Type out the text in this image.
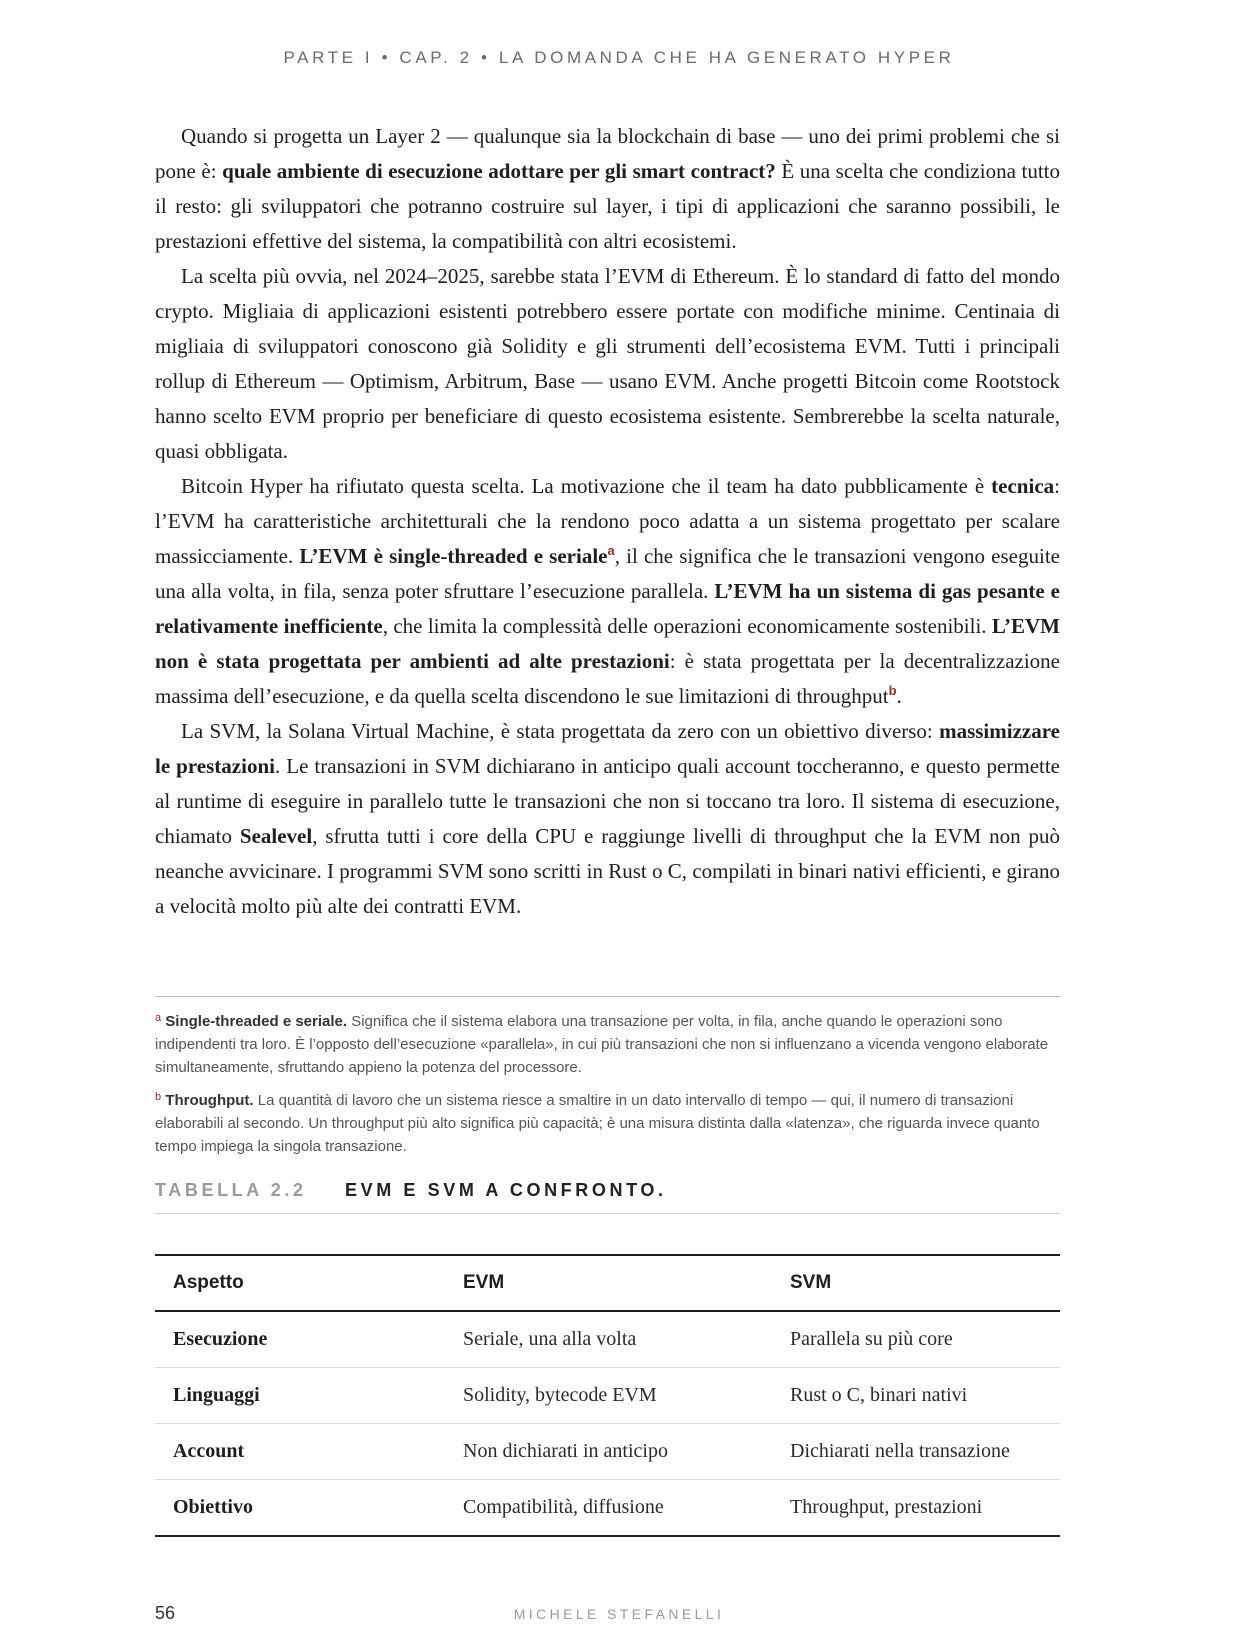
PARTE I • CAP. 2 • LA DOMANDA CHE HA GENERATO HYPER

Quando si progetta un Layer 2 — qualunque sia la blockchain di base — uno dei primi problemi che si pone è: quale ambiente di esecuzione adottare per gli smart contract? È una scelta che condiziona tutto il resto: gli sviluppatori che potranno costruire sul layer, i tipi di applicazioni che saranno possibili, le prestazioni effettive del sistema, la compatibilità con altri ecosistemi.

La scelta più ovvia, nel 2024–2025, sarebbe stata l’EVM di Ethereum. È lo standard di fatto del mondo crypto. Migliaia di applicazioni esistenti potrebbero essere portate con modifiche minime. Centinaia di migliaia di sviluppatori conoscono già Solidity e gli strumenti dell’ecosistema EVM. Tutti i principali rollup di Ethereum — Optimism, Arbitrum, Base — usano EVM. Anche progetti Bitcoin come Rootstock hanno scelto EVM proprio per beneficiare di questo ecosistema esistente. Sembrerebbe la scelta naturale, quasi obbligata.

Bitcoin Hyper ha rifiutato questa scelta. La motivazione che il team ha dato pubblicamente è tecnica: l’EVM ha caratteristiche architetturali che la rendono poco adatta a un sistema progettato per scalare massicciamente. L’EVM è single-threaded e seriale$^a$, il che significa che le transazioni vengono eseguite una alla volta, in fila, senza poter sfruttare l’esecuzione parallela. L’EVM ha un sistema di gas pesante e relativamente inefficiente, che limita la complessità delle operazioni economicamente sostenibili. L’EVM non è stata progettata per ambienti ad alte prestazioni: è stata progettata per la decentralizzazione massima dell’esecuzione, e da quella scelta discendono le sue limitazioni di throughput$^b$.

La SVM, la Solana Virtual Machine, è stata progettata da zero con un obiettivo diverso: massimizzare le prestazioni. Le transazioni in SVM dichiarano in anticipo quali account toccheranno, e questo permette al runtime di eseguire in parallelo tutte le transazioni che non si toccano tra loro. Il sistema di esecuzione, chiamato Sealevel, sfrutta tutti i core della CPU e raggiunge livelli di throughput che la EVM non può neanche avvicinare. I programmi SVM sono scritti in Rust o C, compilati in binari nativi efficienti, e girano a velocità molto più alte dei contratti EVM.

$^a$ Single-threaded e seriale. Significa che il sistema elabora una transazione per volta, in fila, anche quando le operazioni sono indipendenti tra loro. È l’opposto dell’esecuzione «parallela», in cui più transazioni che non si influenzano a vicenda vengono elaborate simultaneamente, sfruttando appieno la potenza del processore.

$^b$ Throughput. La quantità di lavoro che un sistema riesce a smaltire in un dato intervallo di tempo — qui, il numero di transazioni elaborabili al secondo. Un throughput più alto significa più capacità; è una misura distinta dalla «latenza», che riguarda invece quanto tempo impiega la singola transazione.

TABELLA 2.2 EVM E SVM A CONFRONTO.
Aspetto	EVM	SVM
Esecuzione	Seriale, una alla volta	Parallela su più core
Linguaggi	Solidity, bytecode EVM	Rust o C, binari nativi
Account	Non dichiarati in anticipo	Dichiarati nella transazione
Obiettivo	Compatibilità, diffusione	Throughput, prestazioni
56	MICHELE STEFANELLI
